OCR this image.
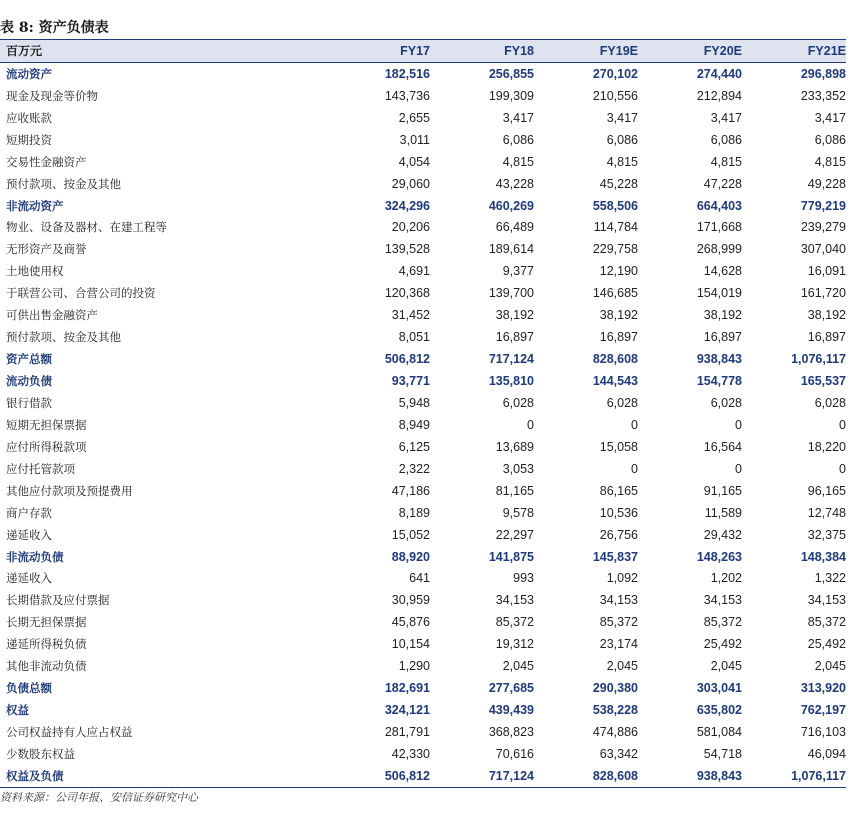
表 8: 资产负债表
百万元	FY17	FY18	FY19E	FY20E	FY21E
流动资产	182,516	256,855	270,102	274,440	296,898
现金及现金等价物	143,736	199,309	210,556	212,894	233,352
应收账款	2,655	3,417	3,417	3,417	3,417
短期投资	3,011	6,086	6,086	6,086	6,086
交易性金融资产	4,054	4,815	4,815	4,815	4,815
预付款项、按金及其他	29,060	43,228	45,228	47,228	49,228
非流动资产	324,296	460,269	558,506	664,403	779,219
物业、设备及器材、在建工程等	20,206	66,489	114,784	171,668	239,279
无形资产及商誉	139,528	189,614	229,758	268,999	307,040
土地使用权	4,691	9,377	12,190	14,628	16,091
于联营公司、合营公司的投资	120,368	139,700	146,685	154,019	161,720
可供出售金融资产	31,452	38,192	38,192	38,192	38,192
预付款项、按金及其他	8,051	16,897	16,897	16,897	16,897
资产总额	506,812	717,124	828,608	938,843	1,076,117
流动负债	93,771	135,810	144,543	154,778	165,537
银行借款	5,948	6,028	6,028	6,028	6,028
短期无担保票据	8,949	0	0	0	0
应付所得税款项	6,125	13,689	15,058	16,564	18,220
应付托管款项	2,322	3,053	0	0	0
其他应付款项及预提费用	47,186	81,165	86,165	91,165	96,165
商户存款	8,189	9,578	10,536	11,589	12,748
递延收入	15,052	22,297	26,756	29,432	32,375
非流动负债	88,920	141,875	145,837	148,263	148,384
递延收入	641	993	1,092	1,202	1,322
长期借款及应付票据	30,959	34,153	34,153	34,153	34,153
长期无担保票据	45,876	85,372	85,372	85,372	85,372
递延所得税负债	10,154	19,312	23,174	25,492	25,492
其他非流动负债	1,290	2,045	2,045	2,045	2,045
负债总额	182,691	277,685	290,380	303,041	313,920
权益	324,121	439,439	538,228	635,802	762,197
公司权益持有人应占权益	281,791	368,823	474,886	581,084	716,103
少数股东权益	42,330	70,616	63,342	54,718	46,094
权益及负债	506,812	717,124	828,608	938,843	1,076,117
资料来源：公司年报、安信证券研究中心
